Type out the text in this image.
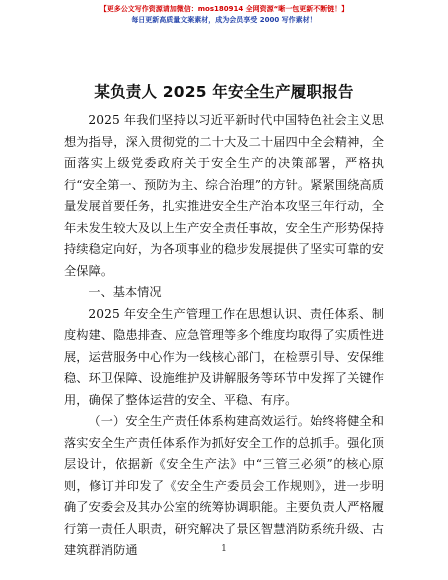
【更多公文写作资源请加微信：mos180914 全网资源“晰一包更新不断链！】
每日更新高质量文案素材，成为会员享受 2000 写作素材！
某负责人 2025 年安全生产履职报告

2025 年我们坚持以习近平新时代中国特色社会主义思想为指导，深入贯彻党的二十大及二十届四中全会精神，全面落实上级党委政府关于安全生产的决策部署，严格执行“安全第一、预防为主、综合治理”的方针。紧紧围绕高质量发展首要任务，扎实推进安全生产治本攻坚三年行动，全年未发生较大及以上生产安全责任事故，安全生产形势保持持续稳定向好，为各项事业的稳步发展提供了坚实可靠的安全保障。

一、基本情况

2025 年安全生产管理工作在思想认识、责任体系、制度构建、隐患排查、应急管理等多个维度均取得了实质性进展，运营服务中心作为一线核心部门，在检票引导、安保维稳、环卫保障、设施维护及讲解服务等环节中发挥了关键作用，确保了整体运营的安全、平稳、有序。

（一）安全生产责任体系构建高效运行。始终将健全和落实安全生产责任体系作为抓好安全工作的总抓手。强化顶层设计，依据新《安全生产法》中“三管三必须”的核心原则，修订并印发了《安全生产委员会工作规则》，进一步明确了安委会及其办公室的统筹协调职能。主要负责人严格履行第一责任人职责，研究解决了景区智慧消防系统升级、古建筑群消防通	1
